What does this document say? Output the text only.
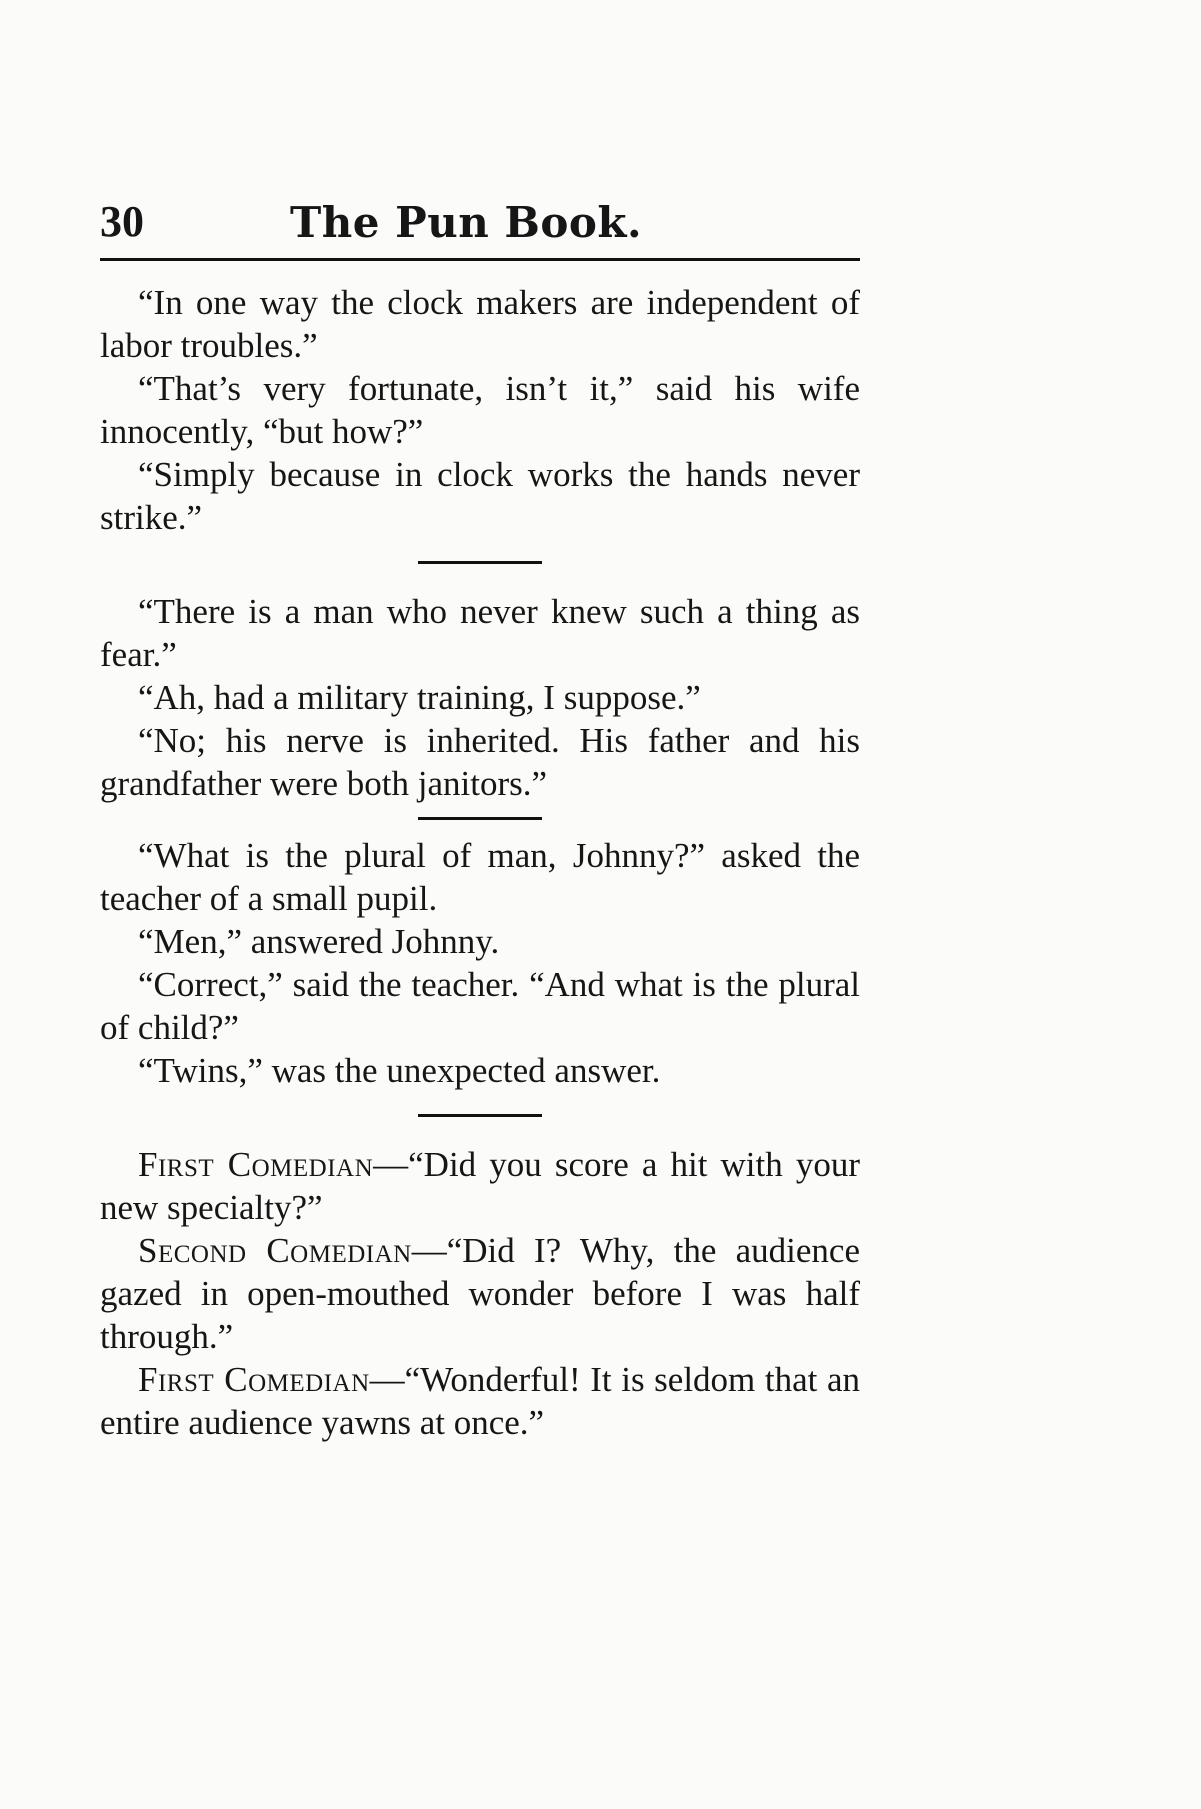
30	The Pun Book.

“In one way the clock makers are independent of labor troubles.”

“That’s very fortunate, isn’t it,” said his wife innocently, “but how?”

“Simply because in clock works the hands never strike.”

“There is a man who never knew such a thing as fear.”

“Ah, had a military training, I suppose.”

“No; his nerve is inherited. His father and his grandfather were both janitors.”

“What is the plural of man, Johnny?” asked the teacher of a small pupil.

“Men,” answered Johnny.

“Correct,” said the teacher. “And what is the plural of child?”

“Twins,” was the unexpected answer.

First Comedian—“Did you score a hit with your new specialty?”

Second Comedian—“Did I? Why, the audience gazed in open-mouthed wonder before I was half through.”

First Comedian—“Wonderful! It is seldom that an entire audience yawns at once.”
